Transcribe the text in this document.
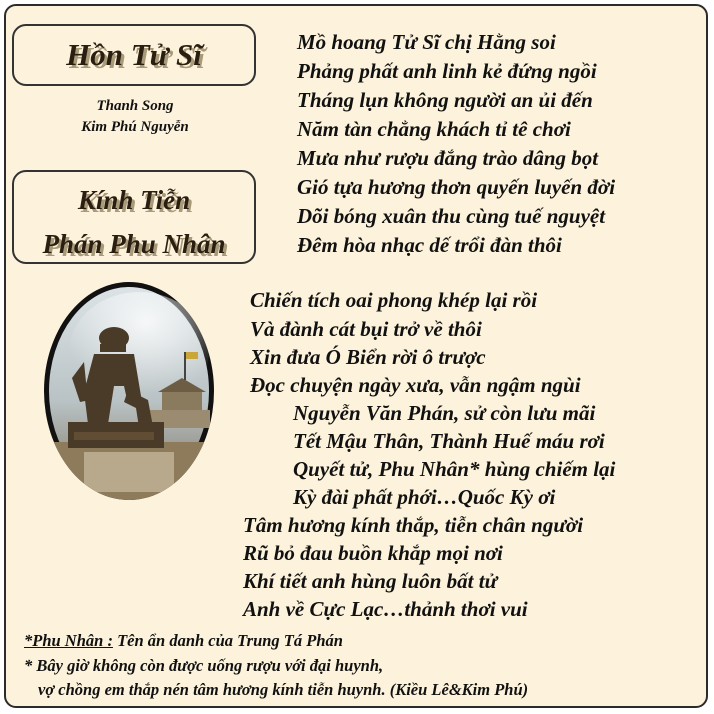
Hồn Tử Sĩ
Thanh Song
Kim Phú Nguyễn
Kính Tiễn
Phán Phu Nhân
Mồ hoang Tử Sĩ chị Hằng soi
Phảng phất anh linh kẻ đứng ngồi
Tháng lụn không người an ủi đến
Năm tàn chẳng khách tỉ tê chơi
Mưa như rượu đắng trào dâng bọt
Gió tựa hương thơn quyến luyến đời
Dõi bóng xuân thu cùng tuế nguyệt
Đêm hòa nhạc dế trổi đàn thôi
Chiến tích oai phong khép lại rồi
Và đành cát bụi trở về thôi
Xin đưa Ó Biển rời ô trược
Đọc chuyện ngày xưa, vẫn ngậm ngùi
Nguyễn Văn Phán, sử còn lưu mãi
Tết Mậu Thân, Thành Huế máu rơi
Quyết tử, Phu Nhân* hùng chiếm lại
Kỳ đài phất phới…Quốc Kỳ ơi
Tâm hương kính thắp, tiễn chân người
Rũ bỏ đau buồn khắp mọi nơi
Khí tiết anh hùng luôn bất tử
Anh về Cực Lạc…thảnh thơi vui
*Phu Nhân : Tên ẩn danh của Trung Tá Phán
* Bây giờ không còn được uống rượu với đại huynh,
vợ chồng em thắp nén tâm hương kính tiễn huynh. (Kiều Lê&Kim Phú)
